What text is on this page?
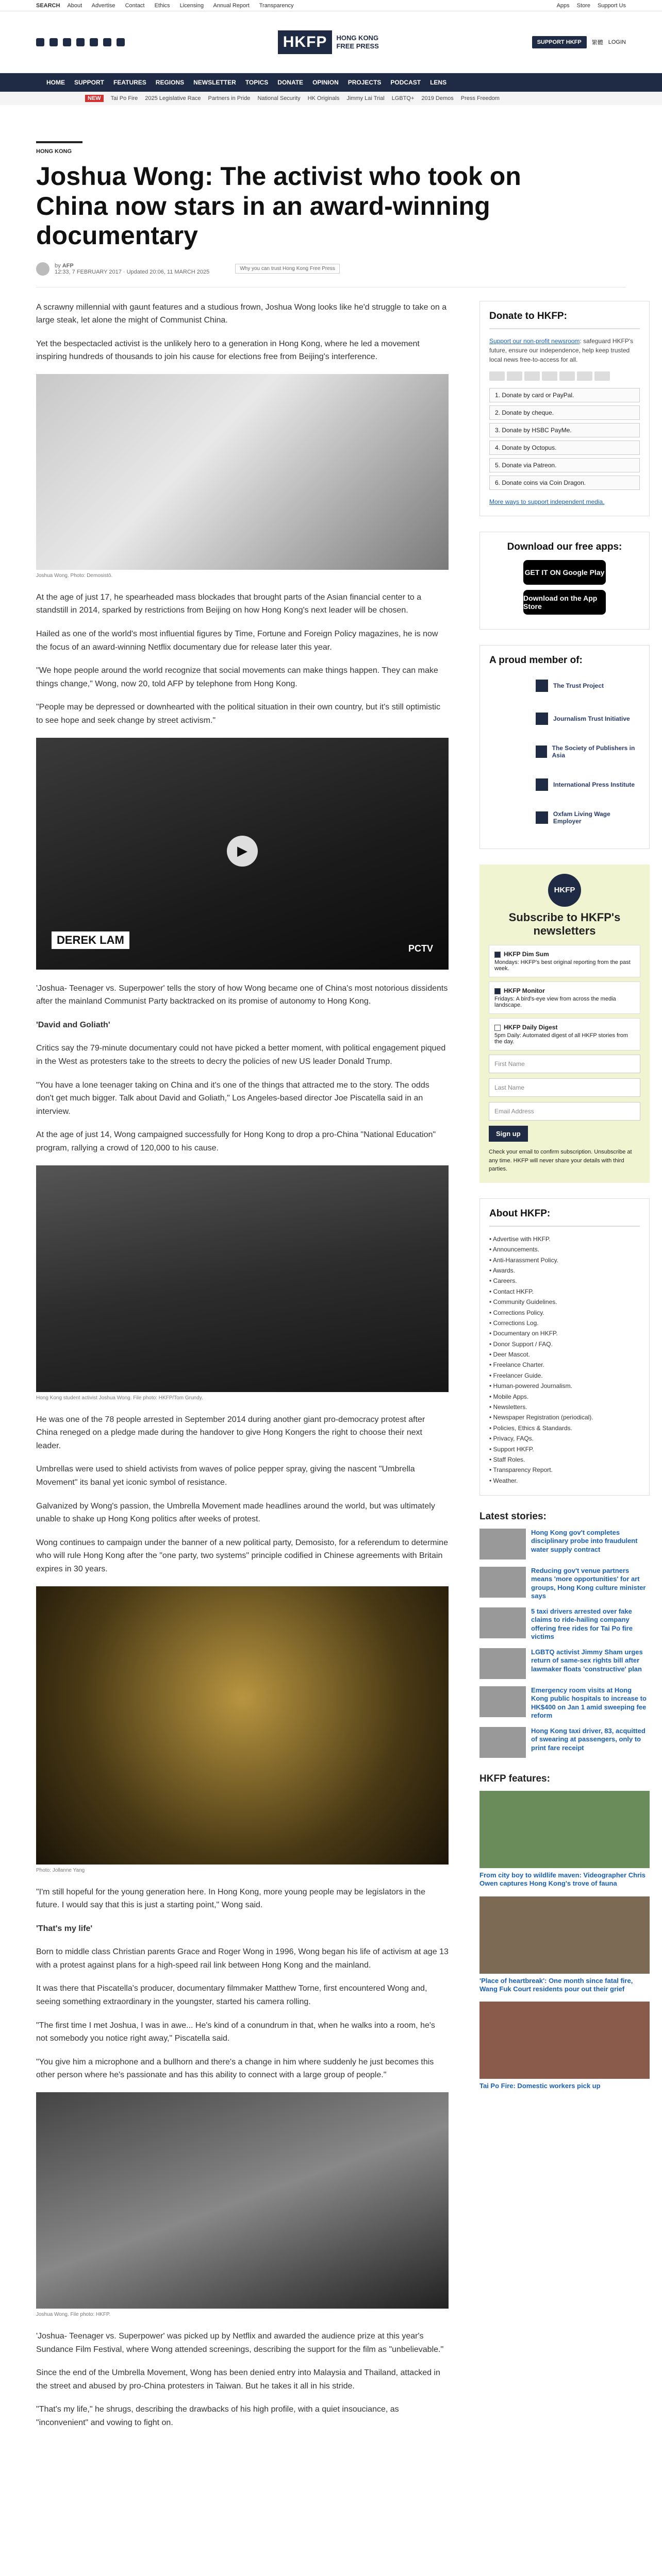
SEARCH About Advertise Contact Ethics Licensing Annual Report Transparency	Apps Store Support Us
HKFP	HONG KONG
FREE PRESS	SUPPORT HKFP	繁體 LOGIN
HOME SUPPORT FEATURES REGIONS NEWSLETTER TOPICS DONATE OPINION PROJECTS PODCAST LENS
NEW	Tai Po Fire 2025 Legislative Race Partners in Pride National Security HK Originals Jimmy Lai Trial LGBTQ+ 2019 Demos Press Freedom
HONG KONG
Joshua Wong: The activist who took on China now stars in an award-winning documentary
by AFP
12:33, 7 FEBRUARY 2017 · Updated 20:06, 11 MARCH 2025	Why you can trust Hong Kong Free Press

A scrawny millennial with gaunt features and a studious frown, Joshua Wong looks like he'd struggle to take on a large steak, let alone the might of Communist China.

Yet the bespectacled activist is the unlikely hero to a generation in Hong Kong, where he led a movement inspiring hundreds of thousands to join his cause for elections free from Beijing's interference.

Joshua Wong. Photo: Demosistō.

At the age of just 17, he spearheaded mass blockades that brought parts of the Asian financial center to a standstill in 2014, sparked by restrictions from Beijing on how Hong Kong's next leader will be chosen.

Hailed as one of the world's most influential figures by Time, Fortune and Foreign Policy magazines, he is now the focus of an award-winning Netflix documentary due for release later this year.

"We hope people around the world recognize that social movements can make things happen. They can make things change," Wong, now 20, told AFP by telephone from Hong Kong.

"People may be depressed or downhearted with the political situation in their own country, but it's still optimistic to see hope and seek change by street activism."

▶
DEREK LAM
PCTV

'Joshua- Teenager vs. Superpower' tells the story of how Wong became one of China's most notorious dissidents after the mainland Communist Party backtracked on its promise of autonomy to Hong Kong.

'David and Goliath'

Critics say the 79-minute documentary could not have picked a better moment, with political engagement piqued in the West as protesters take to the streets to decry the policies of new US leader Donald Trump.

"You have a lone teenager taking on China and it's one of the things that attracted me to the story. The odds don't get much bigger. Talk about David and Goliath," Los Angeles-based director Joe Piscatella said in an interview.

At the age of just 14, Wong campaigned successfully for Hong Kong to drop a pro-China "National Education" program, rallying a crowd of 120,000 to his cause.

Hong Kong student activist Joshua Wong. File photo: HKFP/Tom Grundy.

He was one of the 78 people arrested in September 2014 during another giant pro-democracy protest after China reneged on a pledge made during the handover to give Hong Kongers the right to choose their next leader.

Umbrellas were used to shield activists from waves of police pepper spray, giving the nascent "Umbrella Movement" its banal yet iconic symbol of resistance.

Galvanized by Wong's passion, the Umbrella Movement made headlines around the world, but was ultimately unable to shake up Hong Kong politics after weeks of protest.

Wong continues to campaign under the banner of a new political party, Demosisto, for a referendum to determine who will rule Hong Kong after the "one party, two systems" principle codified in Chinese agreements with Britain expires in 30 years.

Photo: Jollanne Yang

"I'm still hopeful for the young generation here. In Hong Kong, more young people may be legislators in the future. I would say that this is just a starting point," Wong said.

'That's my life'

Born to middle class Christian parents Grace and Roger Wong in 1996, Wong began his life of activism at age 13 with a protest against plans for a high-speed rail link between Hong Kong and the mainland.

It was there that Piscatella's producer, documentary filmmaker Matthew Torne, first encountered Wong and, seeing something extraordinary in the youngster, started his camera rolling.

"The first time I met Joshua, I was in awe... He's kind of a conundrum in that, when he walks into a room, he's not somebody you notice right away," Piscatella said.

"You give him a microphone and a bullhorn and there's a change in him where suddenly he just becomes this other person where he's passionate and has this ability to connect with a large group of people."

Joshua Wong. File photo: HKFP.

'Joshua- Teenager vs. Superpower' was picked up by Netflix and awarded the audience prize at this year's Sundance Film Festival, where Wong attended screenings, describing the support for the film as "unbelievable."

Since the end of the Umbrella Movement, Wong has been denied entry into Malaysia and Thailand, attacked in the street and abused by pro-China protesters in Taiwan. But he takes it all in his stride.

"That's my life," he shrugs, describing the drawbacks of his high profile, with a quiet insouciance, as "inconvenient" and vowing to fight on.

Donate to HKFP:

Support our non-profit newsroom: safeguard HKFP's future, ensure our independence, help keep trusted local news free-to-access for all.

1. Donate by card or PayPal.
2. Donate by cheque.
3. Donate by HSBC PayMe.
4. Donate by Octopus.
5. Donate via Patreon.
6. Donate coins via Coin Dragon.

More ways to support independent media.

Download our free apps:
GET IT ON Google Play
Download on the App Store
A proud member of:
The Trust Project
Journalism Trust Initiative
The Society of Publishers in Asia
International Press Institute
Oxfam Living Wage Employer
HKFP
Subscribe to HKFP's newsletters
HKFP Dim Sum
Mondays: HKFP's best original reporting from the past week.
HKFP Monitor
Fridays: A bird's-eye view from across the media landscape.
HKFP Daily Digest
5pm Daily: Automated digest of all HKFP stories from the day.
First Name
Last Name
Email Address
Sign up
Check your email to confirm subscription. Unsubscribe at any time. HKFP will never share your details with third parties.
About HKFP:
• Advertise with HKFP.
• Announcements.
• Anti-Harassment Policy.
• Awards.
• Careers.
• Contact HKFP.
• Community Guidelines.
• Corrections Policy.
• Corrections Log.
• Documentary on HKFP.
• Donor Support / FAQ.
• Deer Mascot.
• Freelance Charter.
• Freelancer Guide.
• Human-powered Journalism.
• Mobile Apps.
• Newsletters.
• Newspaper Registration (periodical).
• Policies, Ethics & Standards.
• Privacy, FAQs.
• Support HKFP.
• Staff Roles.
• Transparency Report.
• Weather.
Latest stories:
Hong Kong gov't completes disciplinary probe into fraudulent water supply contract
Reducing gov't venue partners means 'more opportunities' for art groups, Hong Kong culture minister says
5 taxi drivers arrested over fake claims to ride-hailing company offering free rides for Tai Po fire victims
LGBTQ activist Jimmy Sham urges return of same-sex rights bill after lawmaker floats 'constructive' plan
Emergency room visits at Hong Kong public hospitals to increase to HK$400 on Jan 1 amid sweeping fee reform
Hong Kong taxi driver, 83, acquitted of swearing at passengers, only to print fare receipt
HKFP features:
From city boy to wildlife maven: Videographer Chris Owen captures Hong Kong's trove of fauna
'Place of heartbreak': One month since fatal fire, Wang Fuk Court residents pour out their grief
Tai Po Fire: Domestic workers pick up
